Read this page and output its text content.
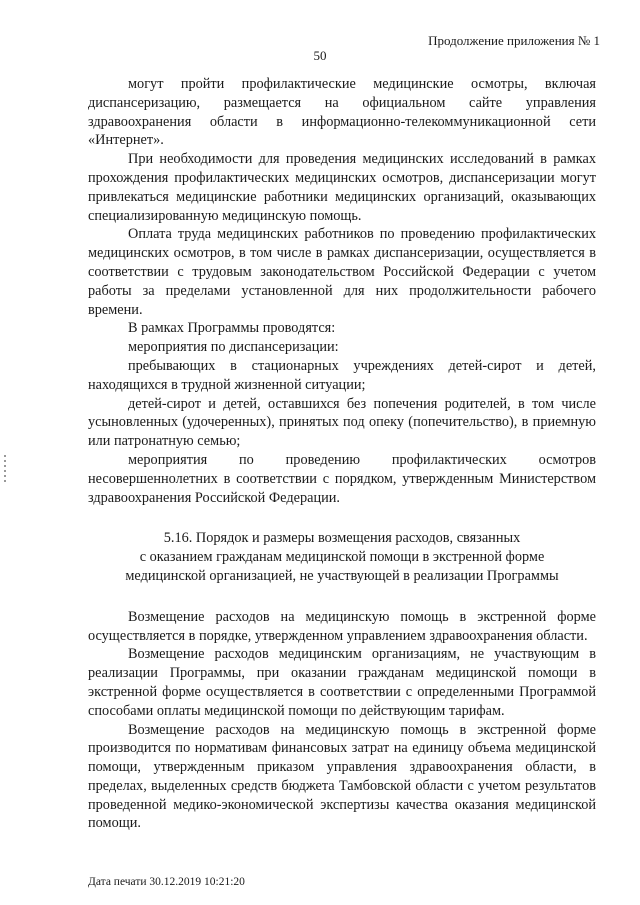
Продолжение приложения № 1
50

могут пройти профилактические медицинские осмотры, включая диспансеризацию, размещается на официальном сайте управления здравоохранения области в информационно-телекоммуникационной сети «Интернет».

При необходимости для проведения медицинских исследований в рамках прохождения профилактических медицинских осмотров, диспансеризации могут привлекаться медицинские работники медицинских организаций, оказывающих специализированную медицинскую помощь.

Оплата труда медицинских работников по проведению профилактических медицинских осмотров, в том числе в рамках диспансеризации, осуществляется в соответствии с трудовым законодательством Российской Федерации с учетом работы за пределами установленной для них продолжительности рабочего времени.

В рамках Программы проводятся:

мероприятия по диспансеризации:

пребывающих в стационарных учреждениях детей-сирот и детей, находящихся в трудной жизненной ситуации;

детей-сирот и детей, оставшихся без попечения родителей, в том числе усыновленных (удочеренных), принятых под опеку (попечительство), в приемную или патронатную семью;

мероприятия по проведению профилактических осмотров несовершеннолетних в соответствии с порядком, утвержденным Министерством здравоохранения Российской Федерации.

5.16. Порядок и размеры возмещения расходов, связанных
с оказанием гражданам медицинской помощи в экстренной форме
медицинской организацией, не участвующей в реализации Программы

Возмещение расходов на медицинскую помощь в экстренной форме осуществляется в порядке, утвержденном управлением здравоохранения области.

Возмещение расходов медицинским организациям, не участвующим в реализации Программы, при оказании гражданам медицинской помощи в экстренной форме осуществляется в соответствии с определенными Программой способами оплаты медицинской помощи по действующим тарифам.

Возмещение расходов на медицинскую помощь в экстренной форме производится по нормативам финансовых затрат на единицу объема медицинской помощи, утвержденным приказом управления здравоохранения области, в пределах, выделенных средств бюджета Тамбовской области с учетом результатов проведенной медико-экономической экспертизы качества оказания медицинской помощи.

Дата печати 30.12.2019 10:21:20
